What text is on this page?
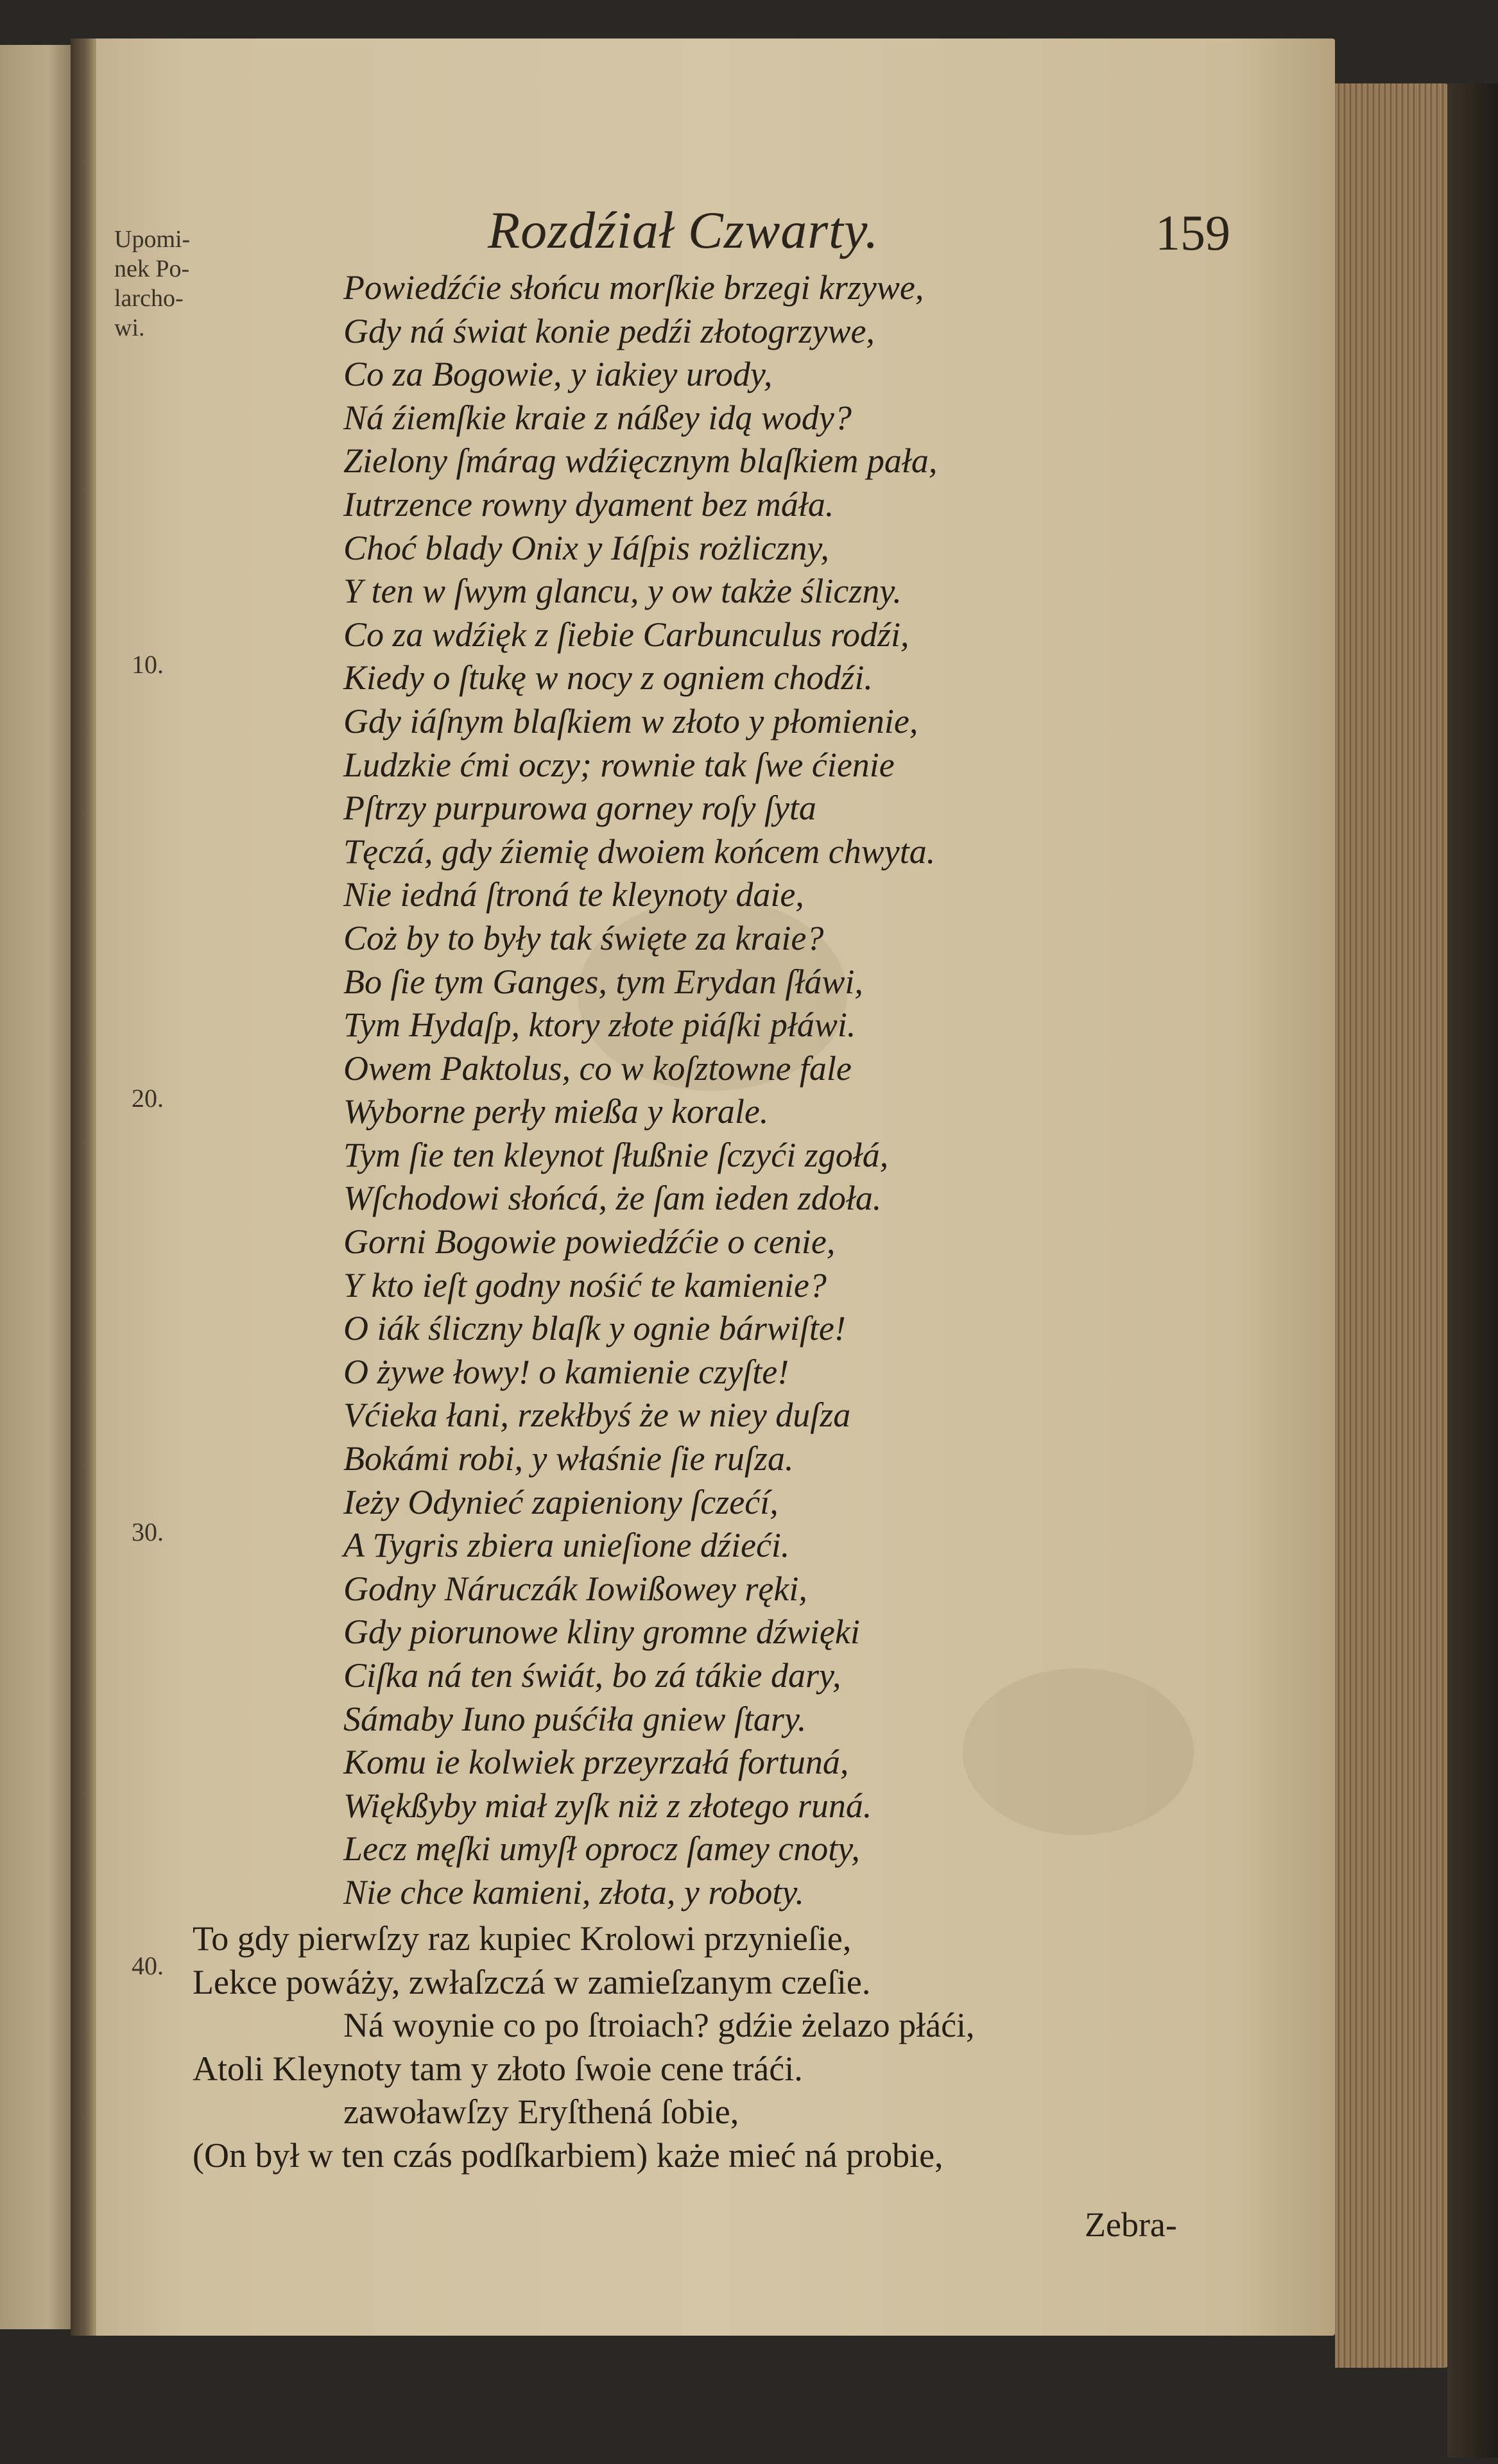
Rozdźiał Czwarty.	159
Upomi-
nek Po-
larcho-
wi.
10.
20.
30.
40.
Powiedźćie słońcu morſkie brzegi krzywe,
Gdy ná świat konie pedźi złotogrzywe,
Co za Bogowie, y iakiey urody,
Ná źiemſkie kraie z náßey idą wody?
Zielony ſmárag wdźięcznym blaſkiem pała,
Iutrzence rowny dyament bez máła.
Choć blady Onix y Iáſpis rożliczny,
Y ten w ſwym glancu, y ow także śliczny.
Co za wdźięk z ſiebie Carbunculus rodźi,
Kiedy o ſtukę w nocy z ogniem chodźi.
Gdy iáſnym blaſkiem w złoto y płomienie,
Ludzkie ćmi oczy; rownie tak ſwe ćienie
Pſtrzy purpurowa gorney roſy ſyta
Tęczá, gdy źiemię dwoiem końcem chwyta.
Nie iedná ſtroná te kleynoty daie,
Coż by to były tak święte za kraie?
Bo ſie tym Ganges, tym Erydan ſłáwi,
Tym Hydaſp, ktory złote piáſki płáwi.
Owem Paktolus, co w koſztowne fale
Wyborne perły mießa y korale.
Tym ſie ten kleynot ſłußnie ſczyći zgołá,
Wſchodowi słońcá, że ſam ieden zdoła.
Gorni Bogowie powiedźćie o cenie,
Y kto ieſt godny nośić te kamienie?
O iák śliczny blaſk y ognie bárwiſte!
O żywe łowy! o kamienie czyſte!
Vćieka łani, rzekłbyś że w niey duſza
Bokámi robi, y właśnie ſie ruſza.
Ieży Odynieć zapieniony ſczećí,
A Tygris zbiera unieſione dźieći.
Godny Náruczák Iowißowey ręki,
Gdy piorunowe kliny gromne dźwięki
Ciſka ná ten świát, bo zá tákie dary,
Sámaby Iuno puśćiła gniew ſtary.
Komu ie kolwiek przeyrzałá fortuná,
Więkßyby miał zyſk niż z złotego runá.
Lecz męſki umyſł oprocz ſamey cnoty,
Nie chce kamieni, złota, y roboty.
To gdy pierwſzy raz kupiec Krolowi przynieſie,
Lekce powáży, zwłaſzczá w zamieſzanym czeſie.
Ná woynie co po ſtroiach? gdźie żelazo płáći,
Atoli Kleynoty tam y złoto ſwoie cene tráći.
zawoławſzy Eryſthená ſobie,
(On był w ten czás podſkarbiem) każe mieć ná probie,
Zebra-
